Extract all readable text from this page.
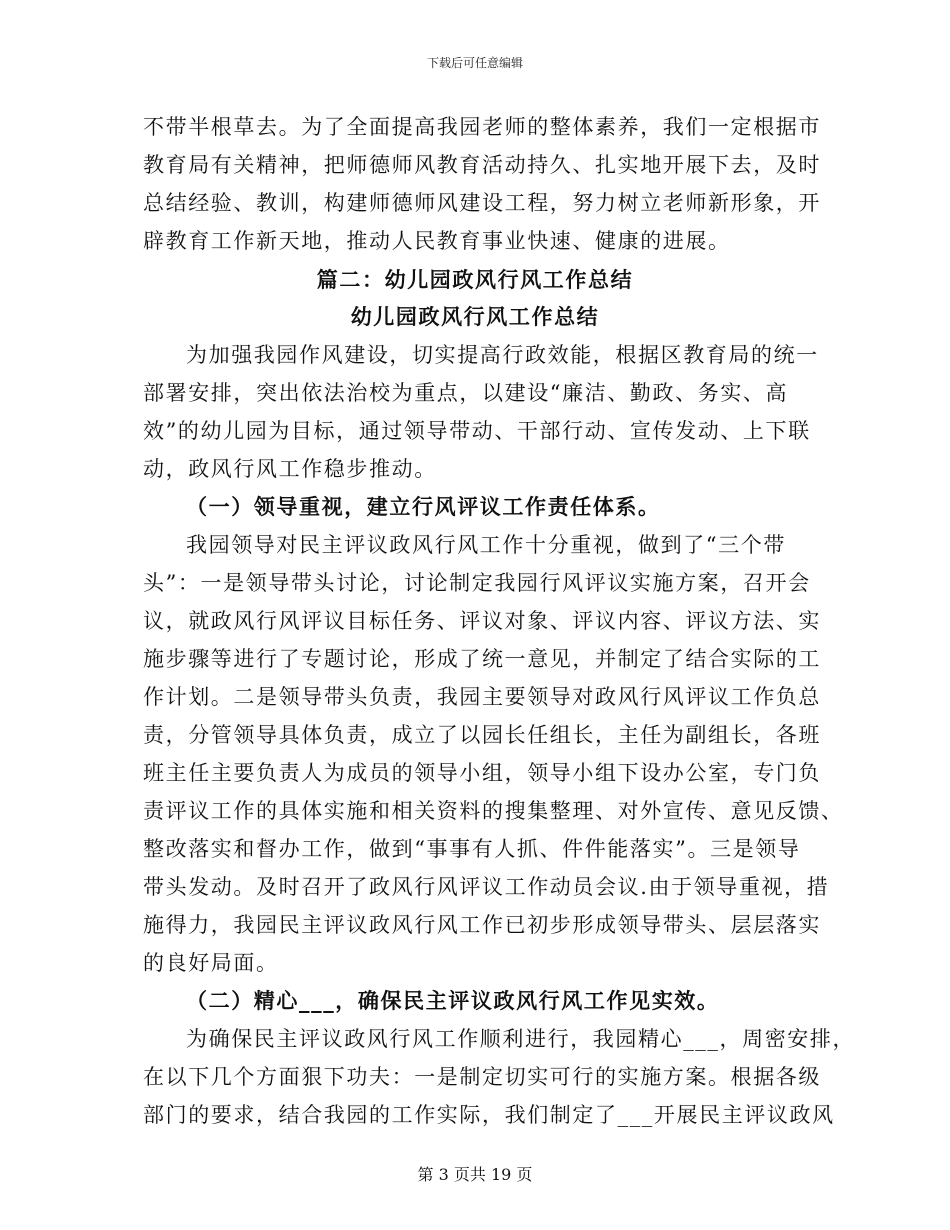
下载后可任意编辑
不带半根草去。为了全面提高我园老师的整体素养，我们一定根据市
教育局有关精神，把师德师风教育活动持久、扎实地开展下去，及时
总结经验、教训，构建师德师风建设工程，努力树立老师新形象，开
辟教育工作新天地，推动人民教育事业快速、健康的进展。
篇二：幼儿园政风行风工作总结
幼儿园政风行风工作总结
为加强我园作风建设，切实提高行政效能，根据区教育局的统一
部署安排，突出依法治校为重点，以建设“廉洁、勤政、务实、高
效”的幼儿园为目标，通过领导带动、干部行动、宣传发动、上下联
动，政风行风工作稳步推动。
（一）领导重视，建立行风评议工作责任体系。
我园领导对民主评议政风行风工作十分重视，做到了“三个带
头”：一是领导带头讨论，讨论制定我园行风评议实施方案，召开会
议，就政风行风评议目标任务、评议对象、评议内容、评议方法、实
施步骤等进行了专题讨论，形成了统一意见，并制定了结合实际的工
作计划。二是领导带头负责，我园主要领导对政风行风评议工作负总
责，分管领导具体负责，成立了以园长任组长，主任为副组长，各班
班主任主要负责人为成员的领导小组，领导小组下设办公室，专门负
责评议工作的具体实施和相关资料的搜集整理、对外宣传、意见反馈、
整改落实和督办工作，做到“事事有人抓、件件能落实”。三是领导
带头发动。及时召开了政风行风评议工作动员会议.由于领导重视，措
施得力，我园民主评议政风行风工作已初步形成领导带头、层层落实
的良好局面。
（二）精心___，确保民主评议政风行风工作见实效。
为确保民主评议政风行风工作顺利进行，我园精心___，周密安排，
在以下几个方面狠下功夫：一是制定切实可行的实施方案。根据各级
部门的要求，结合我园的工作实际，我们制定了___开展民主评议政风
第 3 页共 19 页
